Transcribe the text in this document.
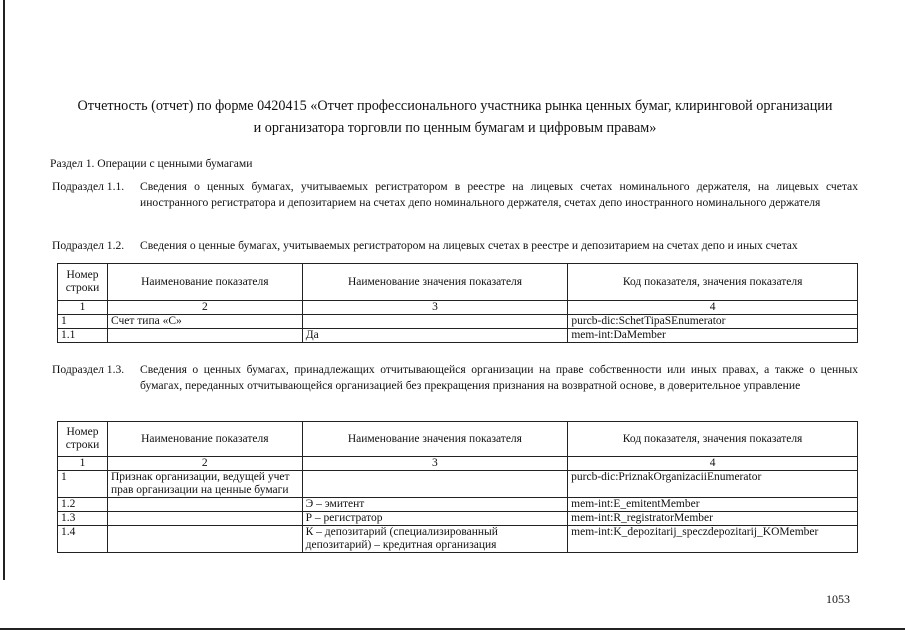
Отчетность (отчет) по форме 0420415 «Отчет профессионального участника рынка ценных бумаг, клиринговой организации
и организатора торговли по ценным бумагам и цифровым правам»
Раздел 1. Операции с ценными бумагами
Подраздел 1.1.	Сведения о ценных бумагах, учитываемых регистратором в реестре на лицевых счетах номинального держателя, на лицевых счетах иностранного регистратора и депозитарием на счетах депо номинального держателя, счетах депо иностранного номинального держателя
Подраздел 1.2.	Сведения о ценные бумагах, учитываемых регистратором на лицевых счетах в реестре и депозитарием на счетах депо и иных счетах
Номер строки	Наименование показателя	Наименование значения показателя	Код показателя, значения показателя
1	2	3	4
1	Счет типа «С»		purcb-dic:SchetTipaSEnumerator
1.1		Да	mem-int:DaMember
Подраздел 1.3.	Сведения о ценных бумагах, принадлежащих отчитывающейся организации на праве собственности или иных правах, а также о ценных бумагах, переданных отчитывающейся организацией без прекращения признания на возвратной основе, в доверительное управление
Номер строки	Наименование показателя	Наименование значения показателя	Код показателя, значения показателя
1	2	3	4
1	Признак организации, ведущей учет прав организации на ценные бумаги		purcb-dic:PriznakOrganizaciiEnumerator
1.2		Э – эмитент	mem-int:E_emitentMember
1.3		Р – регистратор	mem-int:R_registratorMember
1.4		К – депозитарий (специализированный депозитарий) – кредитная организация	mem-int:K_depozitarij_speczdepozitarij_KOMember
1053
